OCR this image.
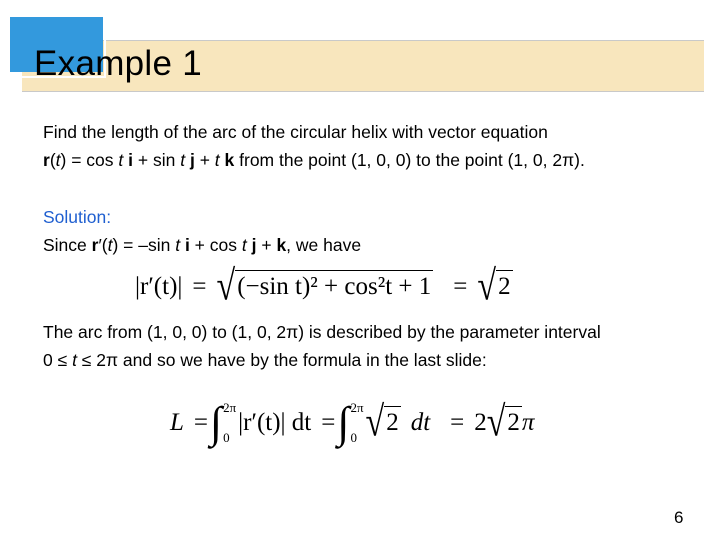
Example 1
Find the length of the arc of the circular helix with vector equation
r(t) = cos t i + sin t j + t k from the point (1, 0, 0) to the point (1, 0, 2π).
Solution:
Since r′(t) = –sin t i + cos t j + k, we have
|r′(t)| = √ (−sin t)² + cos²t + 1 = √ 2
The arc from (1, 0, 0) to (1, 0, 2π) is described by the parameter interval
0 ≤ t ≤ 2π and so we have by the formula in the last slide:
L = ∫ 2π
0
|r′(t)| dt = ∫ 2π
0 √ 2 dt = 2 √ 2 π
6
